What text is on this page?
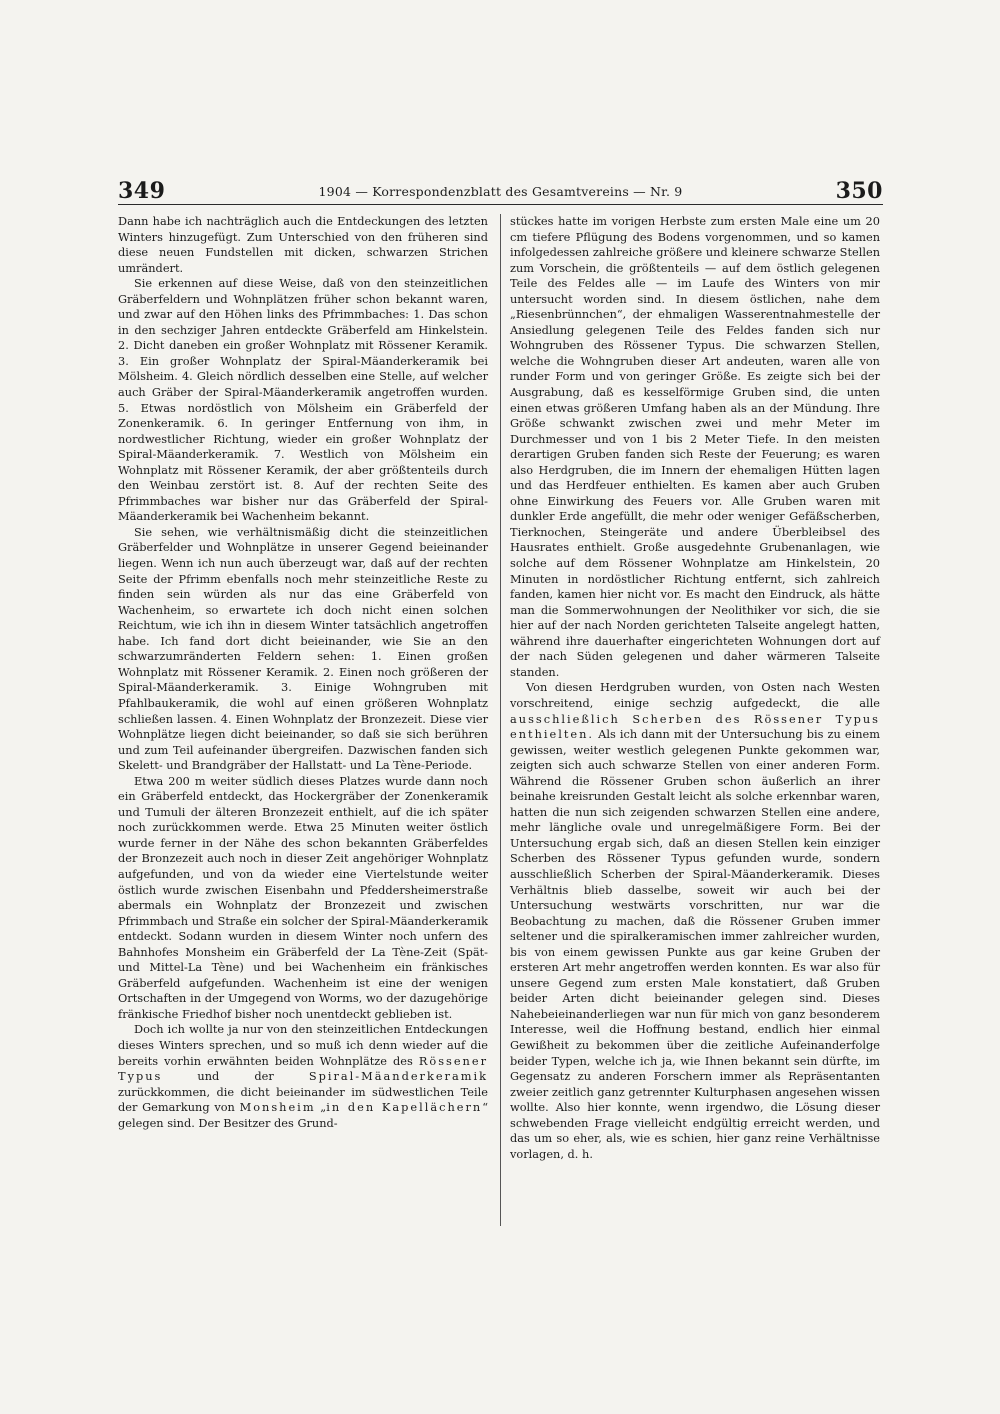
349	1904 — Korrespondenzblatt des Gesamtvereins — Nr. 9	350

Dann habe ich nachträglich auch die Entdeckungen des letzten Winters hinzugefügt. Zum Unterschied von den früheren sind diese neuen Fundstellen mit dicken, schwarzen Strichen umrändert.

Sie erkennen auf diese Weise, daß von den steinzeitlichen Gräberfeldern und Wohnplätzen früher schon bekannt waren, und zwar auf den Höhen links des Pfrimmbaches: 1. Das schon in den sechziger Jahren entdeckte Gräberfeld am Hinkelstein. 2. Dicht daneben ein großer Wohnplatz mit Rössener Keramik. 3. Ein großer Wohnplatz der Spiral-Mäanderkeramik bei Mölsheim. 4. Gleich nördlich desselben eine Stelle, auf welcher auch Gräber der Spiral-Mäanderkeramik angetroffen wurden. 5. Etwas nordöstlich von Mölsheim ein Gräberfeld der Zonenkeramik. 6. In geringer Entfernung von ihm, in nordwestlicher Richtung, wieder ein großer Wohnplatz der Spiral-Mäanderkeramik. 7. Westlich von Mölsheim ein Wohnplatz mit Rössener Keramik, der aber größtenteils durch den Weinbau zerstört ist. 8. Auf der rechten Seite des Pfrimmbaches war bisher nur das Gräberfeld der Spiral-Mäanderkeramik bei Wachenheim bekannt.

Sie sehen, wie verhältnismäßig dicht die steinzeitlichen Gräberfelder und Wohnplätze in unserer Gegend beieinander liegen. Wenn ich nun auch überzeugt war, daß auf der rechten Seite der Pfrimm ebenfalls noch mehr steinzeitliche Reste zu finden sein würden als nur das eine Gräberfeld von Wachenheim, so erwartete ich doch nicht einen solchen Reichtum, wie ich ihn in diesem Winter tatsächlich angetroffen habe. Ich fand dort dicht beieinander, wie Sie an den schwarzumränderten Feldern sehen: 1. Einen großen Wohnplatz mit Rössener Keramik. 2. Einen noch größeren der Spiral-Mäanderkeramik. 3. Einige Wohngruben mit Pfahlbaukeramik, die wohl auf einen größeren Wohnplatz schließen lassen. 4. Einen Wohnplatz der Bronzezeit. Diese vier Wohnplätze liegen dicht beieinander, so daß sie sich berühren und zum Teil aufeinander übergreifen. Dazwischen fanden sich Skelett- und Brandgräber der Hallstatt- und La Tène-Periode.

Etwa 200 m weiter südlich dieses Platzes wurde dann noch ein Gräberfeld entdeckt, das Hockergräber der Zonenkeramik und Tumuli der älteren Bronzezeit enthielt, auf die ich später noch zurückkommen werde. Etwa 25 Minuten weiter östlich wurde ferner in der Nähe des schon bekannten Gräberfeldes der Bronzezeit auch noch in dieser Zeit angehöriger Wohnplatz aufgefunden, und von da wieder eine Viertelstunde weiter östlich wurde zwischen Eisenbahn und Pfeddersheimerstraße abermals ein Wohnplatz der Bronzezeit und zwischen Pfrimmbach und Straße ein solcher der Spiral-Mäanderkeramik entdeckt. Sodann wurden in diesem Winter noch unfern des Bahnhofes Monsheim ein Gräberfeld der La Tène-Zeit (Spät- und Mittel-La Tène) und bei Wachenheim ein fränkisches Gräberfeld aufgefunden. Wachenheim ist eine der wenigen Ortschaften in der Umgegend von Worms, wo der dazugehörige fränkische Friedhof bisher noch unentdeckt geblieben ist.

Doch ich wollte ja nur von den steinzeitlichen Entdeckungen dieses Winters sprechen, und so muß ich denn wieder auf die bereits vorhin erwähnten beiden Wohnplätze des Rössener Typus und der Spiral-Mäanderkeramik zurückkommen, die dicht beieinander im südwestlichen Teile der Gemarkung von Monsheim „in den Kapellächern“ gelegen sind. Der Besitzer des Grund-

stückes hatte im vorigen Herbste zum ersten Male eine um 20 cm tiefere Pflügung des Bodens vorgenommen, und so kamen infolgedessen zahlreiche größere und kleinere schwarze Stellen zum Vorschein, die größtenteils — auf dem östlich gelegenen Teile des Feldes alle — im Laufe des Winters von mir untersucht worden sind. In diesem östlichen, nahe dem „Riesenbrünnchen“, der ehmaligen Wasserentnahmestelle der Ansiedlung gelegenen Teile des Feldes fanden sich nur Wohngruben des Rössener Typus. Die schwarzen Stellen, welche die Wohngruben dieser Art andeuten, waren alle von runder Form und von geringer Größe. Es zeigte sich bei der Ausgrabung, daß es kesselförmige Gruben sind, die unten einen etwas größeren Umfang haben als an der Mündung. Ihre Größe schwankt zwischen zwei und mehr Meter im Durchmesser und von 1 bis 2 Meter Tiefe. In den meisten derartigen Gruben fanden sich Reste der Feuerung; es waren also Herdgruben, die im Innern der ehemaligen Hütten lagen und das Herdfeuer enthielten. Es kamen aber auch Gruben ohne Einwirkung des Feuers vor. Alle Gruben waren mit dunkler Erde angefüllt, die mehr oder weniger Gefäßscherben, Tierknochen, Steingeräte und andere Überbleibsel des Hausrates enthielt. Große ausgedehnte Grubenanlagen, wie solche auf dem Rössener Wohnplatze am Hinkelstein, 20 Minuten in nordöstlicher Richtung entfernt, sich zahlreich fanden, kamen hier nicht vor. Es macht den Eindruck, als hätte man die Sommerwohnungen der Neolithiker vor sich, die sie hier auf der nach Norden gerichteten Talseite angelegt hatten, während ihre dauerhafter eingerichteten Wohnungen dort auf der nach Süden gelegenen und daher wärmeren Talseite standen.

Von diesen Herdgruben wurden, von Osten nach Westen vorschreitend, einige sechzig aufgedeckt, die alle ausschließlich Scherben des Rössener Typus enthielten. Als ich dann mit der Untersuchung bis zu einem gewissen, weiter westlich gelegenen Punkte gekommen war, zeigten sich auch schwarze Stellen von einer anderen Form. Während die Rössener Gruben schon äußerlich an ihrer beinahe kreisrunden Gestalt leicht als solche erkennbar waren, hatten die nun sich zeigenden schwarzen Stellen eine andere, mehr längliche ovale und unregelmäßigere Form. Bei der Untersuchung ergab sich, daß an diesen Stellen kein einziger Scherben des Rössener Typus gefunden wurde, sondern ausschließlich Scherben der Spiral-Mäanderkeramik. Dieses Verhältnis blieb dasselbe, soweit wir auch bei der Untersuchung westwärts vorschritten, nur war die Beobachtung zu machen, daß die Rössener Gruben immer seltener und die spiralkeramischen immer zahlreicher wurden, bis von einem gewissen Punkte aus gar keine Gruben der ersteren Art mehr angetroffen werden konnten. Es war also für unsere Gegend zum ersten Male konstatiert, daß Gruben beider Arten dicht beieinander gelegen sind. Dieses Nahebeieinanderliegen war nun für mich von ganz besonderem Interesse, weil die Hoffnung bestand, endlich hier einmal Gewißheit zu bekommen über die zeitliche Aufeinanderfolge beider Typen, welche ich ja, wie Ihnen bekannt sein dürfte, im Gegensatz zu anderen Forschern immer als Repräsentanten zweier zeitlich ganz getrennter Kulturphasen angesehen wissen wollte. Also hier konnte, wenn irgendwo, die Lösung dieser schwebenden Frage vielleicht endgültig erreicht werden, und das um so eher, als, wie es schien, hier ganz reine Verhältnisse vorlagen, d. h.
